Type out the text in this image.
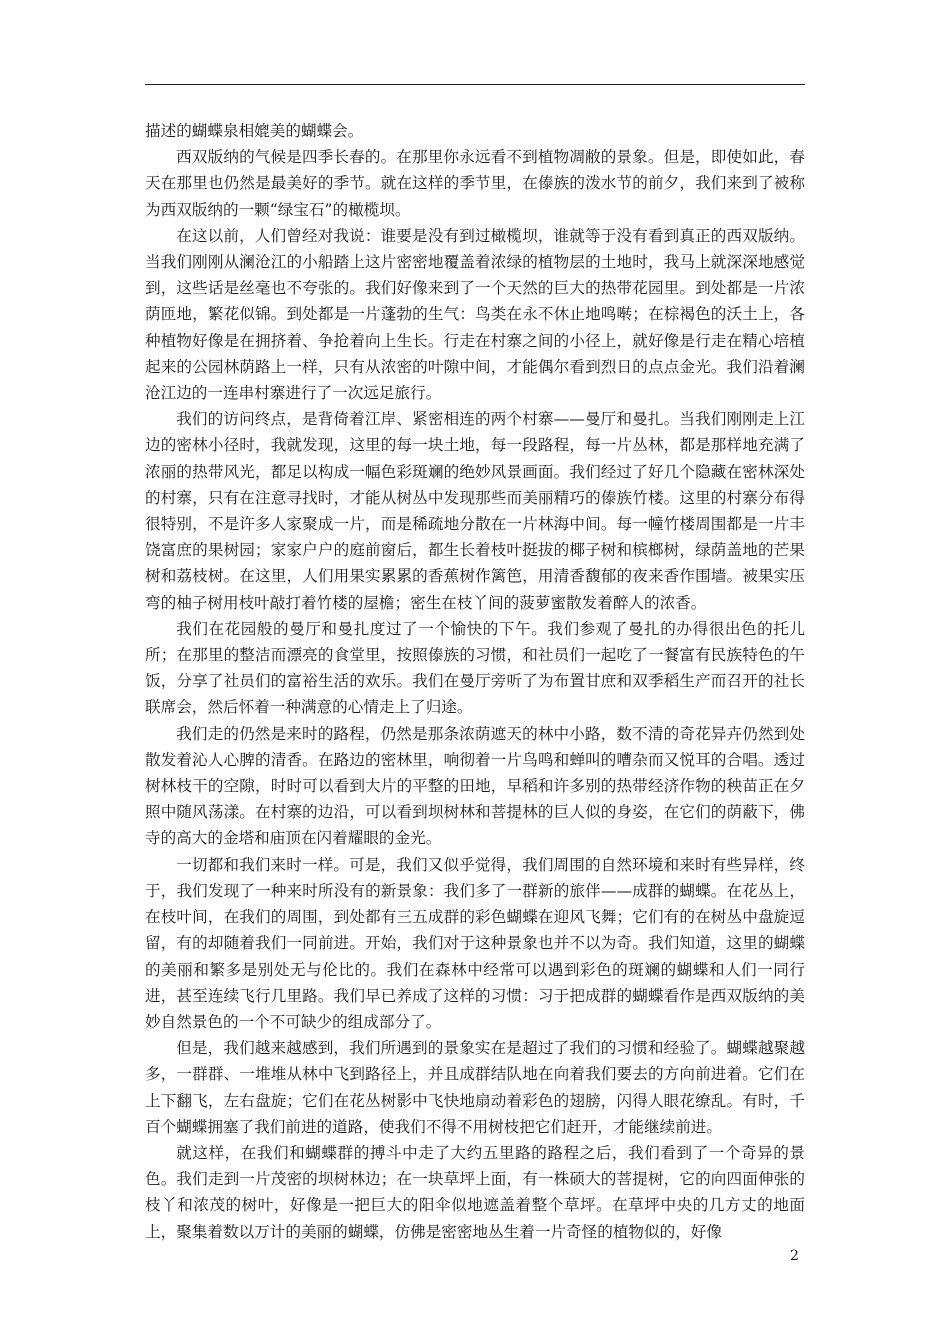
描述的蝴蝶泉相媲美的蝴蝶会。

西双版纳的气候是四季长春的。在那里你永远看不到植物凋敝的景象。但是，即使如此，春天在那里也仍然是最美好的季节。就在这样的季节里，在傣族的泼水节的前夕，我们来到了被称为西双版纳的一颗“绿宝石”的橄榄坝。

在这以前，人们曾经对我说：谁要是没有到过橄榄坝，谁就等于没有看到真正的西双版纳。当我们刚刚从澜沧江的小船踏上这片密密地覆盖着浓绿的植物层的土地时，我马上就深深地感觉到，这些话是丝毫也不夸张的。我们好像来到了一个天然的巨大的热带花园里。到处都是一片浓荫匝地，繁花似锦。到处都是一片蓬勃的生气：鸟类在永不休止地鸣啭；在棕褐色的沃土上，各种植物好像是在拥挤着、争抢着向上生长。行走在村寨之间的小径上，就好像是行走在精心培植起来的公园林荫路上一样，只有从浓密的叶隙中间，才能偶尔看到烈日的点点金光。我们沿着澜沧江边的一连串村寨进行了一次远足旅行。

我们的访问终点，是背倚着江岸、紧密相连的两个村寨——曼厅和曼扎。当我们刚刚走上江边的密林小径时，我就发现，这里的每一块土地，每一段路程，每一片丛林，都是那样地充满了浓丽的热带风光，都足以构成一幅色彩斑斓的绝妙风景画面。我们经过了好几个隐藏在密林深处的村寨，只有在注意寻找时，才能从树丛中发现那些而美丽精巧的傣族竹楼。这里的村寨分布得很特别，不是许多人家聚成一片，而是稀疏地分散在一片林海中间。每一幢竹楼周围都是一片丰饶富庶的果树园；家家户户的庭前窗后，都生长着枝叶挺拔的椰子树和槟榔树，绿荫盖地的芒果树和荔枝树。在这里，人们用果实累累的香蕉树作篱笆，用清香馥郁的夜来香作围墙。被果实压弯的柚子树用枝叶敲打着竹楼的屋檐；密生在枝丫间的菠萝蜜散发着醉人的浓香。

我们在花园般的曼厅和曼扎度过了一个愉快的下午。我们参观了曼扎的办得很出色的托儿所；在那里的整洁而漂亮的食堂里，按照傣族的习惯，和社员们一起吃了一餐富有民族特色的午饭，分享了社员们的富裕生活的欢乐。我们在曼厅旁听了为布置甘庶和双季稻生产而召开的社长联席会，然后怀着一种满意的心情走上了归途。

我们走的仍然是来时的路程，仍然是那条浓荫遮天的林中小路，数不清的奇花异卉仍然到处散发着沁人心脾的清香。在路边的密林里，响彻着一片鸟鸣和蝉叫的嘈杂而又悦耳的合唱。透过树林枝干的空隙，时时可以看到大片的平整的田地，早稻和许多别的热带经济作物的秧苗正在夕照中随风荡漾。在村寨的边沿，可以看到坝树林和菩提林的巨人似的身姿，在它们的荫蔽下，佛寺的高大的金塔和庙顶在闪着耀眼的金光。

一切都和我们来时一样。可是，我们又似乎觉得，我们周围的自然环境和来时有些异样，终于，我们发现了一种来时所没有的新景象：我们多了一群新的旅伴——成群的蝴蝶。在花丛上，在枝叶间，在我们的周围，到处都有三五成群的彩色蝴蝶在迎风飞舞；它们有的在树丛中盘旋逗留，有的却随着我们一同前进。开始，我们对于这种景象也并不以为奇。我们知道，这里的蝴蝶的美丽和繁多是别处无与伦比的。我们在森林中经常可以遇到彩色的斑斓的蝴蝶和人们一同行进，甚至连续飞行几里路。我们早已养成了这样的习惯：习于把成群的蝴蝶看作是西双版纳的美妙自然景色的一个不可缺少的组成部分了。

但是，我们越来越感到，我们所遇到的景象实在是超过了我们的习惯和经验了。蝴蝶越聚越多，一群群、一堆堆从林中飞到路径上，并且成群结队地在向着我们要去的方向前进着。它们在上下翻飞，左右盘旋；它们在花丛树影中飞快地扇动着彩色的翅膀，闪得人眼花缭乱。有时，千百个蝴蝶拥塞了我们前进的道路，使我们不得不用树枝把它们赶开，才能继续前进。

就这样，在我们和蝴蝶群的搏斗中走了大约五里路的路程之后，我们看到了一个奇异的景色。我们走到一片茂密的坝树林边；在一块草坪上面，有一株硕大的菩提树，它的向四面伸张的枝丫和浓茂的树叶，好像是一把巨大的阳伞似地遮盖着整个草坪。在草坪中央的几方丈的地面上，聚集着数以万计的美丽的蝴蝶，仿佛是密密地丛生着一片奇怪的植物似的，好像

2
